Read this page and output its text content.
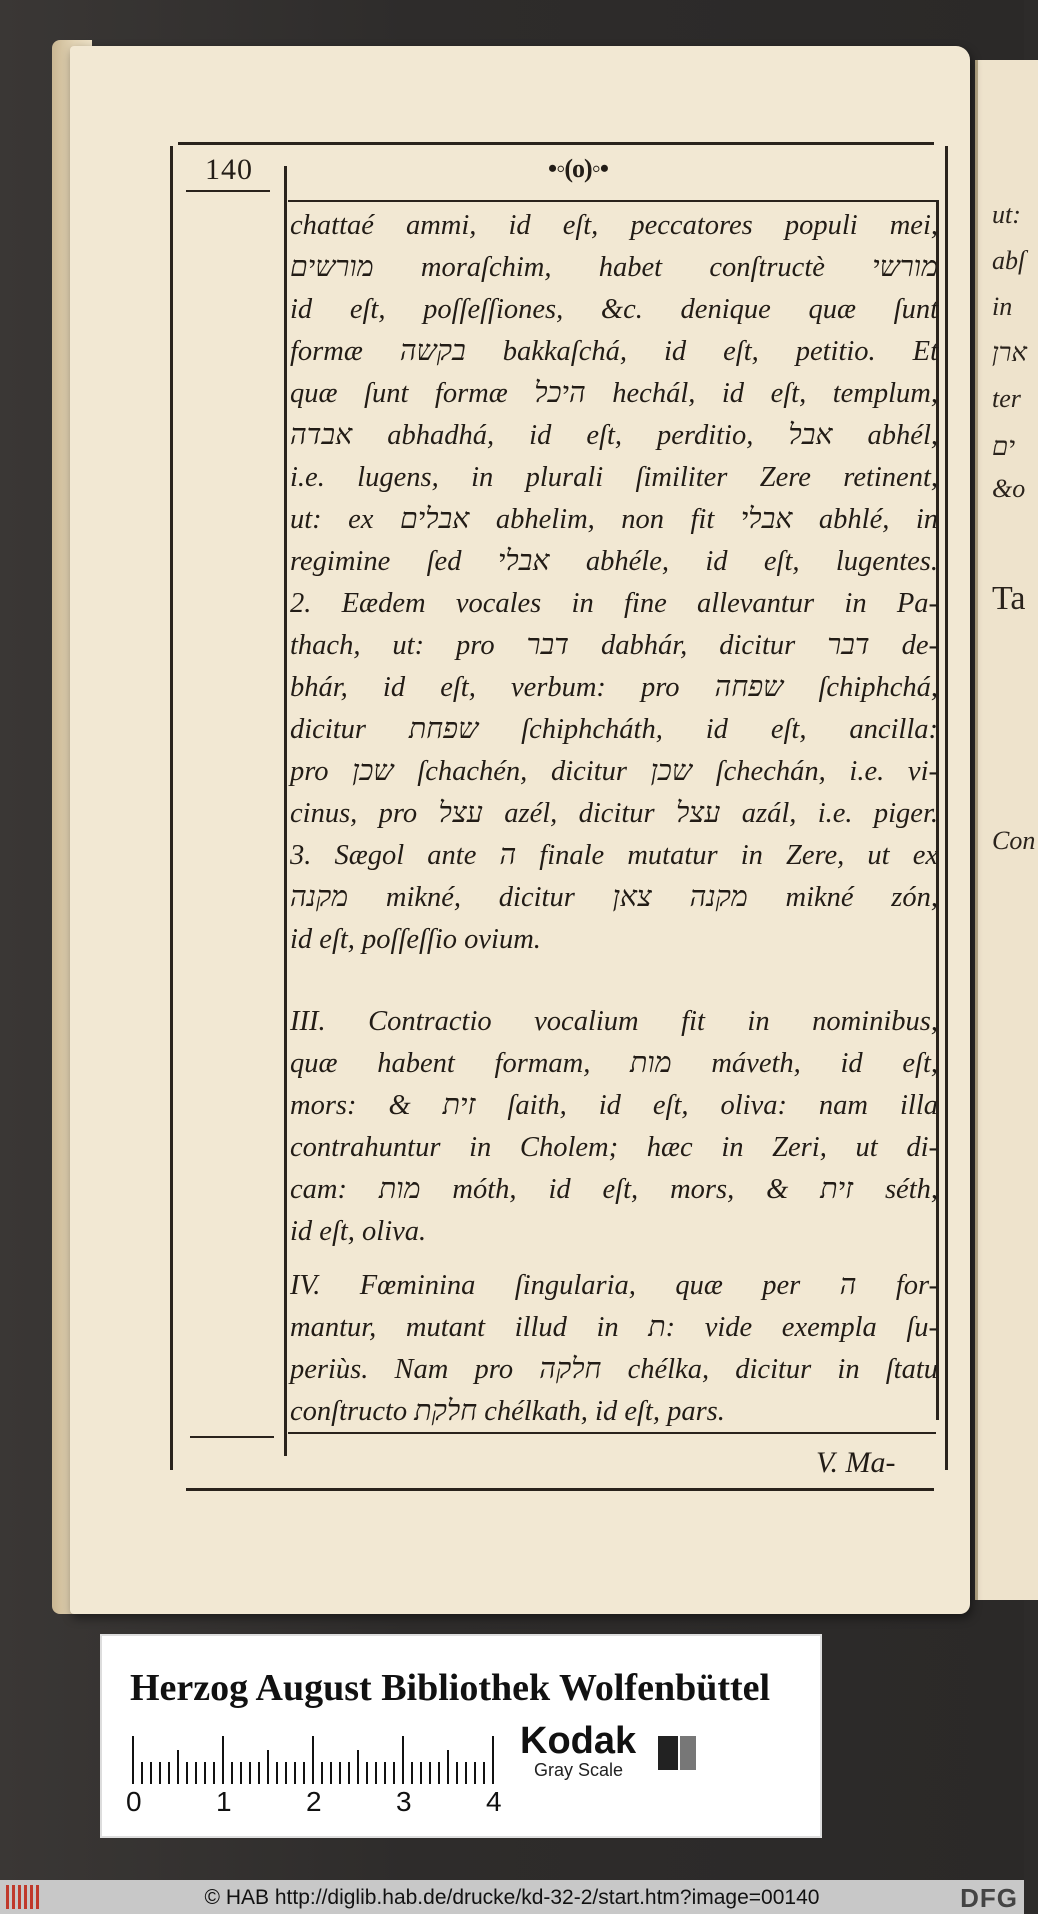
ut:
abſ
in
ארן
ter
ים
&o
Ta
Con
140	•◦(o)◦•
chattaé ammi, id eſt, peccatores populi mei,
מורשים moraſchim, habet conſtructè מורשי
id eſt, poſſeſſiones, &c. denique quæ ſunt
formæ בקשה bakkaſchá, id eſt, petitio. Et
quæ ſunt formæ היכל hechál, id eſt, templum,
אבדה abhadhá, id eſt, perditio, אבל abhél,
i.e. lugens, in plurali ſimiliter Zere retinent,
ut: ex אבלים abhelim, non fit אבלי abhlé, in
regimine ſed אבלי abhéle, id eſt, lugentes.
2. Eædem vocales in fine allevantur in Pa-
thach, ut: pro דבר dabhár, dicitur דבר de-
bhár, id eſt, verbum: pro שפחה ſchiphchá,
dicitur שפחת ſchiphcháth, id eſt, ancilla:
pro שכן ſchachén, dicitur שכן ſchechán, i.e. vi-
cinus, pro עצל azél, dicitur עצל azál, i.e. piger.
3. Sægol ante ה finale mutatur in Zere, ut ex
מקנה mikné, dicitur מקנה צאן mikné zón,
id eſt, poſſeſſio ovium.
III. Contractio vocalium fit in nominibus,
quæ habent formam, מות máveth, id eſt,
mors: & זית ſaith, id eſt, oliva: nam illa
contrahuntur in Cholem; hæc in Zeri, ut di-
cam: מות móth, id eſt, mors, & זית séth,
id eſt, oliva.
IV. Fœminina ſingularia, quæ per ה for-
mantur, mutant illud in ת: vide exempla ſu-
periùs. Nam pro חלקה chélka, dicitur in ſtatu
conſtructo חלקת chélkath, id eſt, pars.
V. Ma-
Herzog August Bibliothek Wolfenbüttel
0	1	2	3	4
Kodak
Gray Scale
© HAB http://diglib.hab.de/drucke/kd-32-2/start.htm?image=00140	DFG
